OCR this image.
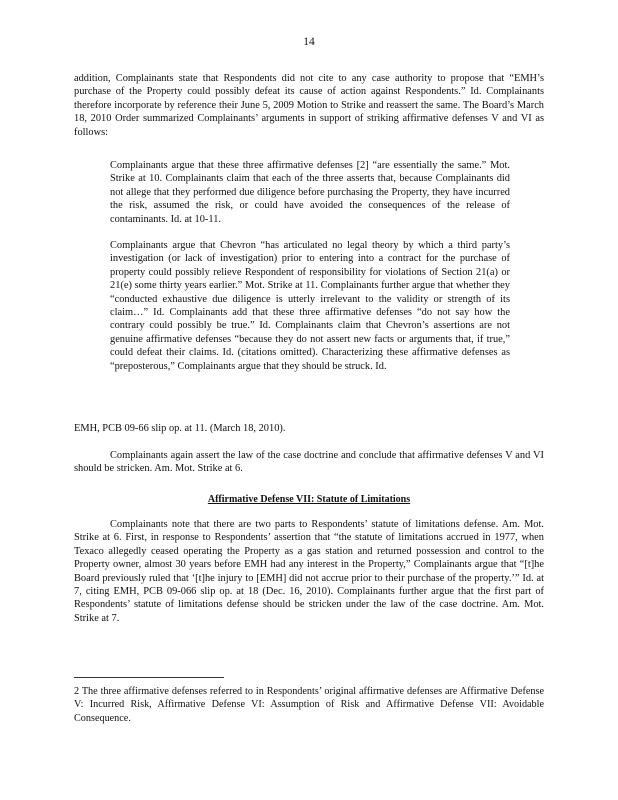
14
addition, Complainants state that Respondents did not cite to any case authority to propose that “EMH’s purchase of the Property could possibly defeat its cause of action against Respondents.” Id. Complainants therefore incorporate by reference their June 5, 2009 Motion to Strike and reassert the same. The Board’s March 18, 2010 Order summarized Complainants’ arguments in support of striking affirmative defenses V and VI as follows:
Complainants argue that these three affirmative defenses [2] “are essentially the same.” Mot. Strike at 10. Complainants claim that each of the three asserts that, because Complainants did not allege that they performed due diligence before purchasing the Property, they have incurred the risk, assumed the risk, or could have avoided the consequences of the release of contaminants. Id. at 10-11.
Complainants argue that Chevron “has articulated no legal theory by which a third party’s investigation (or lack of investigation) prior to entering into a contract for the purchase of property could possibly relieve Respondent of responsibility for violations of Section 21(a) or 21(e) some thirty years earlier.” Mot. Strike at 11. Complainants further argue that whether they “conducted exhaustive due diligence is utterly irrelevant to the validity or strength of its claim…” Id. Complainants add that these three affirmative defenses “do not say how the contrary could possibly be true.” Id. Complainants claim that Chevron’s assertions are not genuine affirmative defenses “because they do not assert new facts or arguments that, if true,” could defeat their claims. Id. (citations omitted). Characterizing these affirmative defenses as “preposterous,” Complainants argue that they should be struck. Id.
EMH, PCB 09-66 slip op. at 11. (March 18, 2010).
Complainants again assert the law of the case doctrine and conclude that affirmative defenses V and VI should be stricken. Am. Mot. Strike at 6.
Affirmative Defense VII: Statute of Limitations
Complainants note that there are two parts to Respondents’ statute of limitations defense. Am. Mot. Strike at 6. First, in response to Respondents’ assertion that “the statute of limitations accrued in 1977, when Texaco allegedly ceased operating the Property as a gas station and returned possession and control to the Property owner, almost 30 years before EMH had any interest in the Property,” Complainants argue that “[t]he Board previously ruled that ‘[t]he injury to [EMH] did not accrue prior to their purchase of the property.’” Id. at 7, citing EMH, PCB 09-066 slip op. at 18 (Dec. 16, 2010). Complainants further argue that the first part of Respondents’ statute of limitations defense should be stricken under the law of the case doctrine. Am. Mot. Strike at 7.
2 The three affirmative defenses referred to in Respondents’ original affirmative defenses are Affirmative Defense V: Incurred Risk, Affirmative Defense VI: Assumption of Risk and Affirmative Defense VII: Avoidable Consequence.
